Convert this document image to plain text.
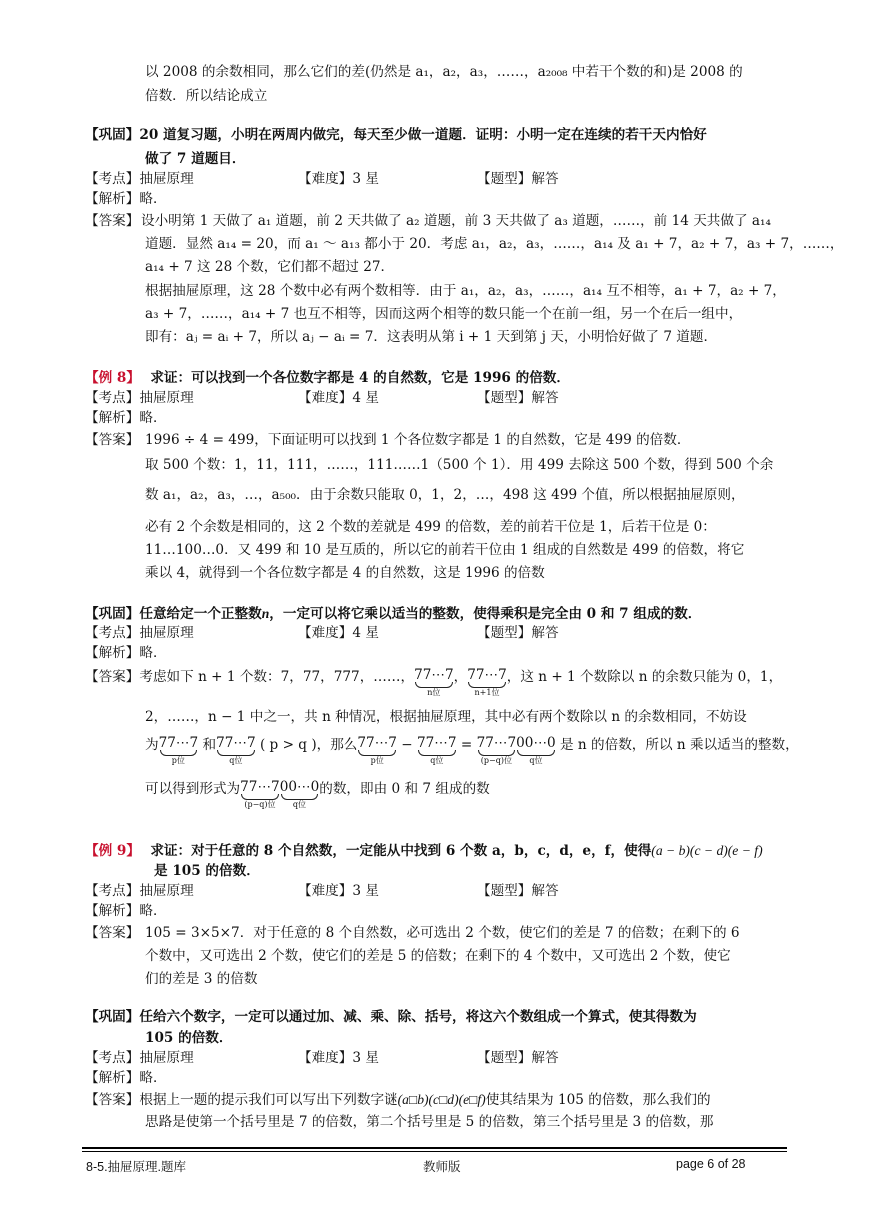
以 2008 的余数相同，那么它们的差(仍然是 a₁，a₂，a₃，……，a₂₀₀₈ 中若干个数的和)是 2008 的
倍数．所以结论成立
【巩固】20 道复习题，小明在两周内做完，每天至少做一道题．证明：小明一定在连续的若干天内恰好
做了 7 道题目．
【考点】抽屉原理	【难度】3 星	【题型】解答
【解析】略．
【答案】 设小明第 1 天做了 a₁ 道题，前 2 天共做了 a₂ 道题，前 3 天共做了 a₃ 道题，……，前 14 天共做了 a₁₄
道题．显然 a₁₄ = 20，而 a₁ ～ a₁₃ 都小于 20．考虑 a₁，a₂，a₃，……，a₁₄ 及 a₁ + 7，a₂ + 7，a₃ + 7，……，
a₁₄ + 7 这 28 个数，它们都不超过 27．
根据抽屉原理，这 28 个数中必有两个数相等．由于 a₁，a₂，a₃，……，a₁₄ 互不相等，a₁ + 7，a₂ + 7，
a₃ + 7，……，a₁₄ + 7 也互不相等，因而这两个相等的数只能一个在前一组，另一个在后一组中，
即有：aⱼ = aᵢ + 7，所以 aⱼ − aᵢ = 7．这表明从第 i + 1 天到第 j 天，小明恰好做了 7 道题．
【例 8】 求证：可以找到一个各位数字都是 4 的自然数，它是 1996 的倍数．
【考点】抽屉原理	【难度】4 星	【题型】解答
【解析】略．
【答案】 1996 ÷ 4 = 499，下面证明可以找到 1 个各位数字都是 1 的自然数，它是 499 的倍数．
取 500 个数：1，11，111，……，111……1（500 个 1）．用 499 去除这 500 个数，得到 500 个余
数 a₁，a₂，a₃，…，a₅₀₀．由于余数只能取 0，1，2，…，498 这 499 个值，所以根据抽屉原则，
必有 2 个余数是相同的，这 2 个数的差就是 499 的倍数，差的前若干位是 1，后若干位是 0：
11…100…0．又 499 和 10 是互质的，所以它的前若干位由 1 组成的自然数是 499 的倍数，将它
乘以 4，就得到一个各位数字都是 4 的自然数，这是 1996 的倍数
【巩固】任意给定一个正整数n，一定可以将它乘以适当的整数，使得乘积是完全由 0 和 7 组成的数．
【考点】抽屉原理	【难度】4 星	【题型】解答
【解析】略．
【答案】考虑如下 n + 1 个数：7，77，777，……， 77⋯7
n位
， 77⋯7
n+1位
，这 n + 1 个数除以 n 的余数只能为 0，1，
2，……，n − 1 中之一，共 n 种情况，根据抽屉原理，其中必有两个数除以 n 的余数相同，不妨设
为 77⋯7
p位
和 77⋯7
q位
( p > q )，那么 77⋯7
p位
− 77⋯7
q位
= 77⋯7
(p−q)位
00⋯0
q位
是 n 的倍数，所以 n 乘以适当的整数，
可以得到形式为 77⋯7
(p−q)位
00⋯0
q位
的数，即由 0 和 7 组成的数
【例 9】 求证：对于任意的 8 个自然数，一定能从中找到 6 个数 a，b，c，d，e，f，使得(a − b)(c − d)(e − f)
是 105 的倍数．
【考点】抽屉原理	【难度】3 星	【题型】解答
【解析】略．
【答案】 105 = 3×5×7．对于任意的 8 个自然数，必可选出 2 个数，使它们的差是 7 的倍数；在剩下的 6
个数中，又可选出 2 个数，使它们的差是 5 的倍数；在剩下的 4 个数中，又可选出 2 个数，使它
们的差是 3 的倍数
【巩固】任给六个数字，一定可以通过加、减、乘、除、括号，将这六个数组成一个算式，使其得数为
105 的倍数．
【考点】抽屉原理	【难度】3 星	【题型】解答
【解析】略．
【答案】根据上一题的提示我们可以写出下列数字谜(a□b)(c□d)(e□f)使其结果为 105 的倍数，那么我们的
思路是使第一个括号里是 7 的倍数，第二个括号里是 5 的倍数，第三个括号里是 3 的倍数，那
8-5.抽屉原理.题库	教师版	page 6 of 28
